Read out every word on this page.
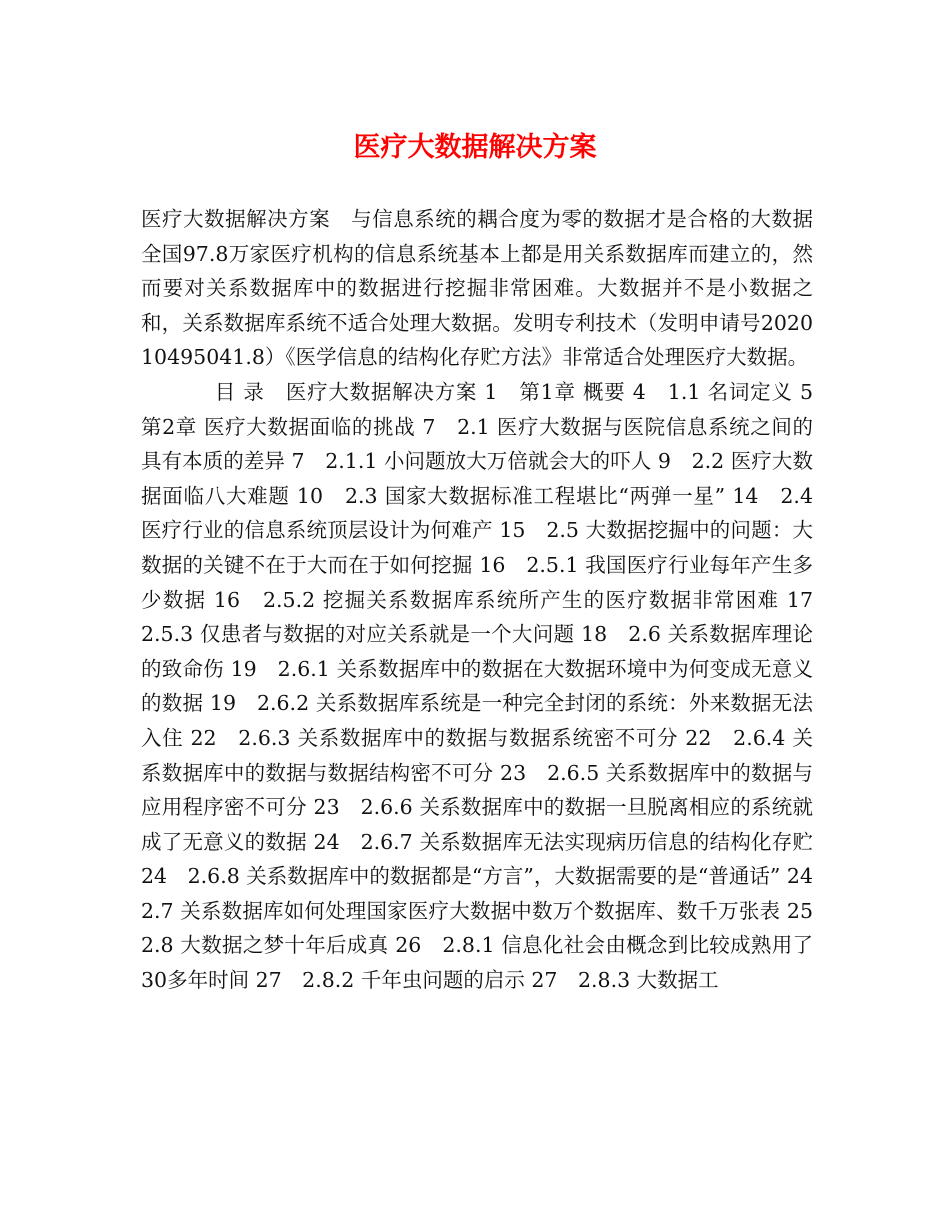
医疗大数据解决方案

医疗大数据解决方案　与信息系统的耦合度为零的数据才是合格的大数据　　全国97.8万家医疗机构的信息系统基本上都是用关系数据库而建立的，然而要对关系数据库中的数据进行挖掘非常困难。大数据并不是小数据之和，关系数据库系统不适合处理大数据。发明专利技术（发明申请号202010495041.8）《医学信息的结构化存贮方法》非常适合处理医疗大数据。

目 录　医疗大数据解决方案 1　第1章 概要 4　1.1 名词定义 5　第2章 医疗大数据面临的挑战 7　2.1 医疗大数据与医院信息系统之间的具有本质的差异 7　2.1.1 小问题放大万倍就会大的吓人 9　2.2 医疗大数据面临八大难题 10　2.3 国家大数据标准工程堪比“两弹一星” 14　2.4 医疗行业的信息系统顶层设计为何难产 15　2.5 大数据挖掘中的问题：大数据的关键不在于大而在于如何挖掘 16　2.5.1 我国医疗行业每年产生多少数据 16　2.5.2 挖掘关系数据库系统所产生的医疗数据非常困难 17　2.5.3 仅患者与数据的对应关系就是一个大问题 18　2.6 关系数据库理论的致命伤 19　2.6.1 关系数据库中的数据在大数据环境中为何变成无意义的数据 19　2.6.2 关系数据库系统是一种完全封闭的系统：外来数据无法入住 22　2.6.3 关系数据库中的数据与数据系统密不可分 22　2.6.4 关系数据库中的数据与数据结构密不可分 23　2.6.5 关系数据库中的数据与应用程序密不可分 23　2.6.6 关系数据库中的数据一旦脱离相应的系统就成了无意义的数据 24　2.6.7 关系数据库无法实现病历信息的结构化存贮 24　2.6.8 关系数据库中的数据都是“方言”，大数据需要的是“普通话” 24　2.7 关系数据库如何处理国家医疗大数据中数万个数据库、数千万张表 25　2.8 大数据之梦十年后成真 26　2.8.1 信息化社会由概念到比较成熟用了30多年时间 27　2.8.2 千年虫问题的启示 27　2.8.3 大数据工
